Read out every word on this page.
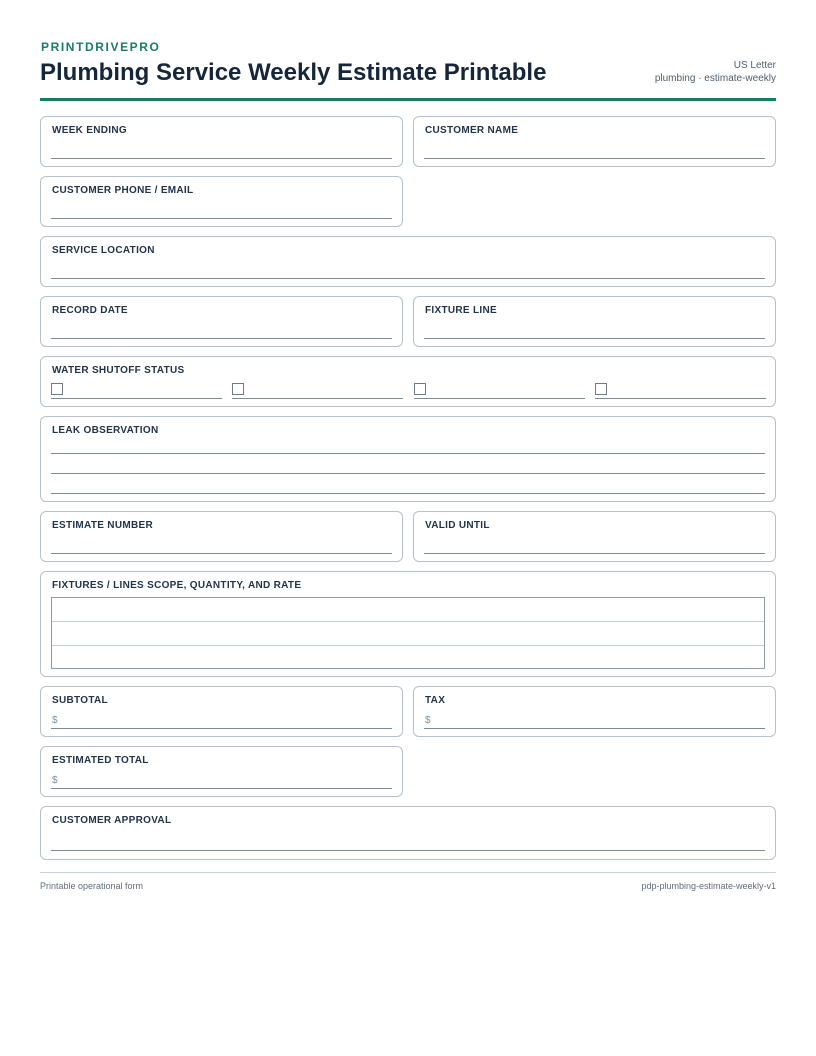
PRINTDRIVEPRO
Plumbing Service Weekly Estimate Printable	US Letter
plumbing · estimate-weekly
WEEK ENDING	CUSTOMER NAME
CUSTOMER PHONE / EMAIL
SERVICE LOCATION
RECORD DATE	FIXTURE LINE
WATER SHUTOFF STATUS
LEAK OBSERVATION
ESTIMATE NUMBER	VALID UNTIL
FIXTURES / LINES SCOPE, QUANTITY, AND RATE
SUBTOTAL
$
TAX
$
ESTIMATED TOTAL
$
CUSTOMER APPROVAL
Printable operational form	pdp-plumbing-estimate-weekly-v1
